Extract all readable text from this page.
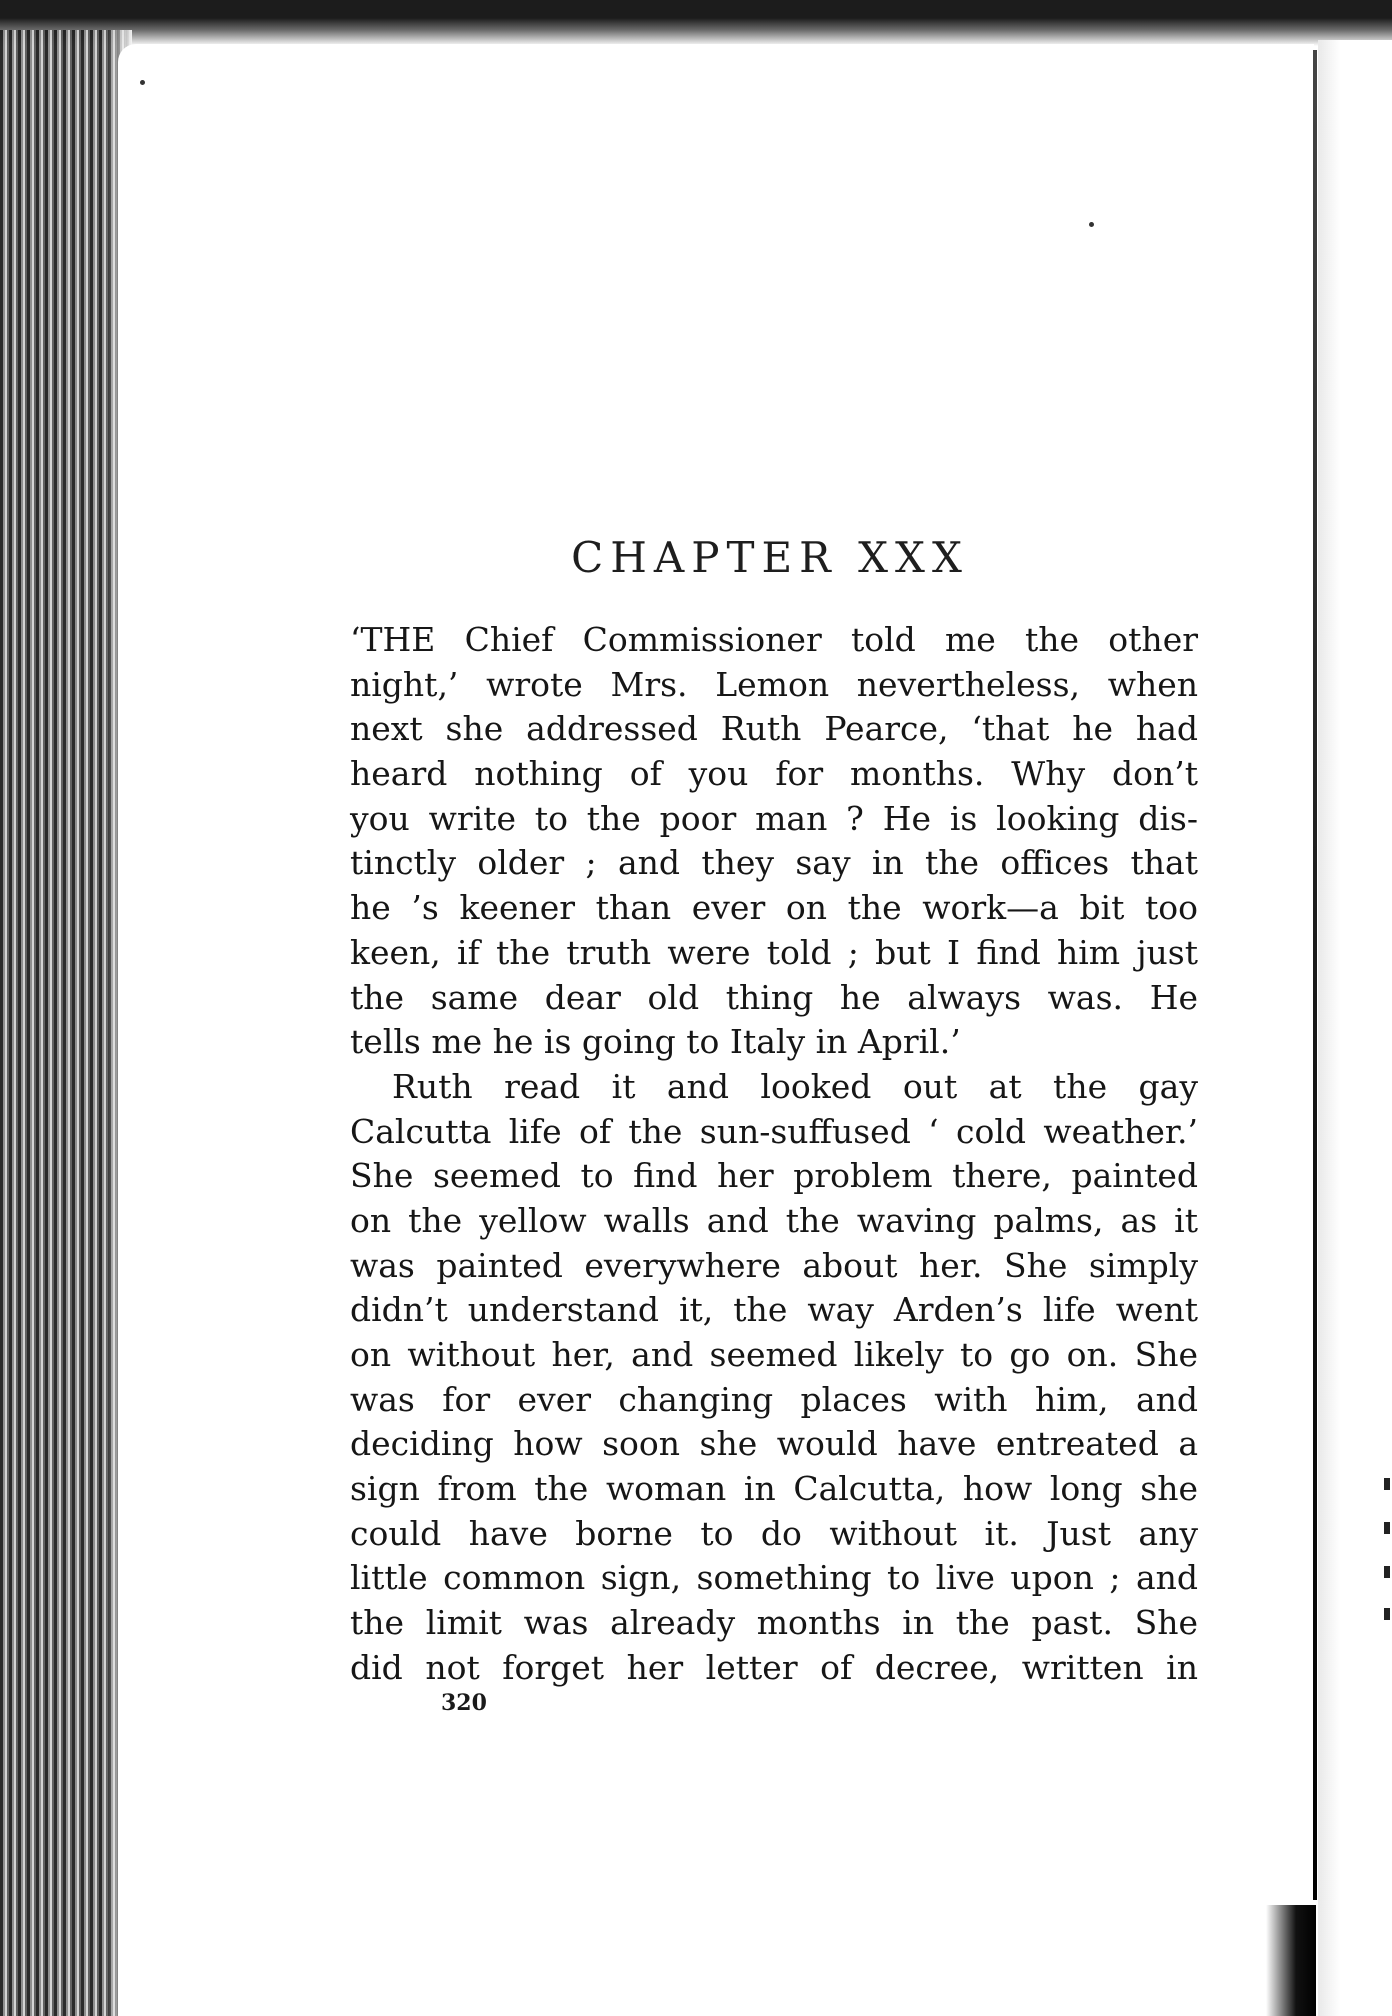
CHAPTER XXX
‘THE Chief Commissioner told me the other
night,’ wrote Mrs. Lemon nevertheless, when
next she addressed Ruth Pearce, ‘that he had
heard nothing of you for months. Why don’t
you write to the poor man ? He is looking dis-
tinctly older ; and they say in the offices that
he ’s keener than ever on the work—a bit too
keen, if the truth were told ; but I find him just
the same dear old thing he always was. He
tells me he is going to Italy in April.’
Ruth read it and looked out at the gay
Calcutta life of the sun-suffused ‘ cold weather.’
She seemed to find her problem there, painted
on the yellow walls and the waving palms, as it
was painted everywhere about her. She simply
didn’t understand it, the way Arden’s life went
on without her, and seemed likely to go on. She
was for ever changing places with him, and
deciding how soon she would have entreated a
sign from the woman in Calcutta, how long she
could have borne to do without it. Just any
little common sign, something to live upon ; and
the limit was already months in the past. She
did not forget her letter of decree, written in
320
